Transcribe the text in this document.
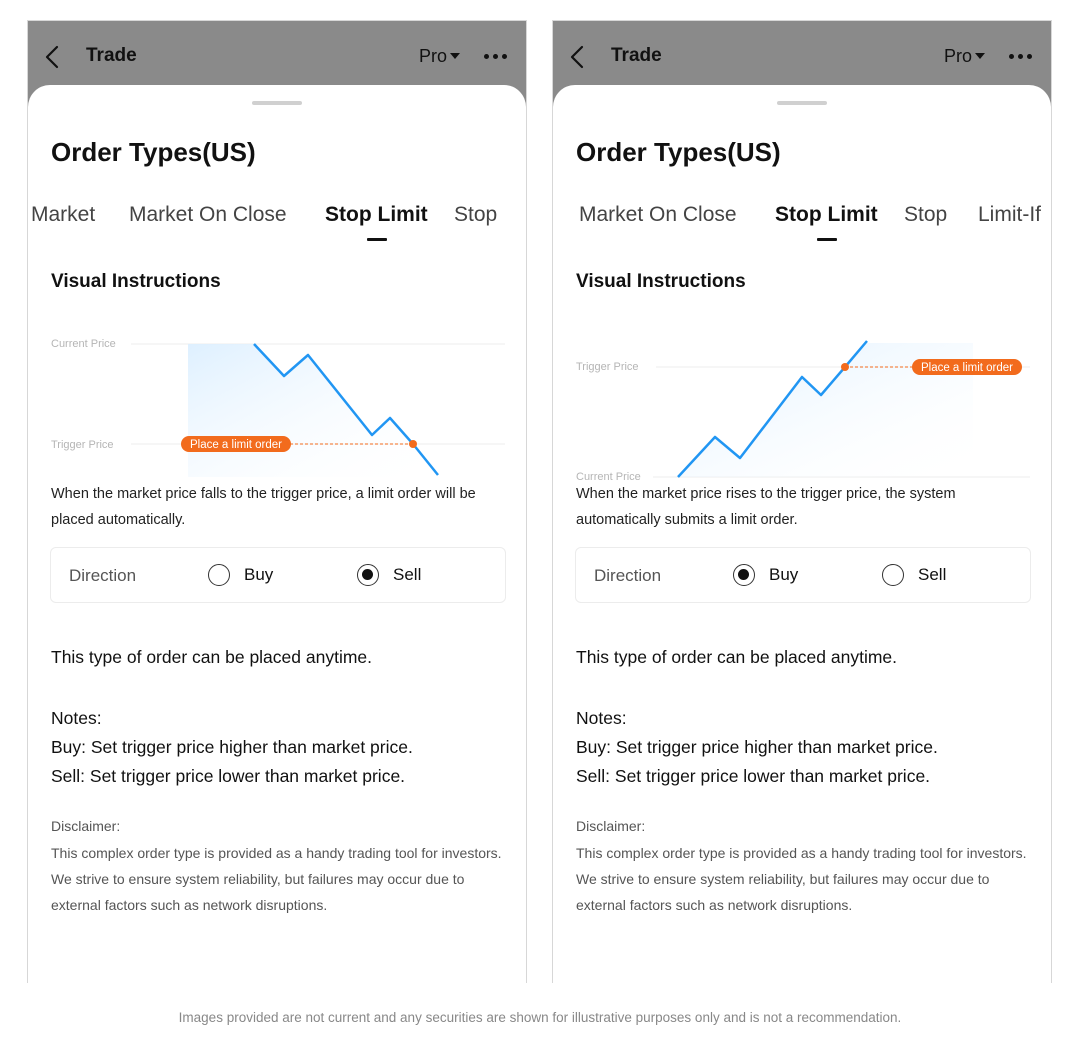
Trade	Pro
Order Types(US)
Market Market On Close Stop Limit Stop
Visual Instructions
Current Price
Trigger Price	Place a limit order
When the market price falls to the trigger price, a limit order will be placed automatically.
Direction	Buy	Sell
This type of order can be placed anytime.
Notes:
Buy: Set trigger price higher than market price.
Sell: Set trigger price lower than market price.
Disclaimer:
This complex order type is provided as a handy trading tool for investors. We strive to ensure system reliability, but failures may occur due to external factors such as network disruptions.
Trade	Pro
Order Types(US)
Market On Close Stop Limit Stop Limit-If
Visual Instructions
Trigger Price
Current Price
Place a limit order
When the market price rises to the trigger price, the system automatically submits a limit order.
Direction	Buy	Sell
This type of order can be placed anytime.
Notes:
Buy: Set trigger price higher than market price.
Sell: Set trigger price lower than market price.
Disclaimer:
This complex order type is provided as a handy trading tool for investors. We strive to ensure system reliability, but failures may occur due to external factors such as network disruptions.
Images provided are not current and any securities are shown for illustrative purposes only and is not a recommendation.
